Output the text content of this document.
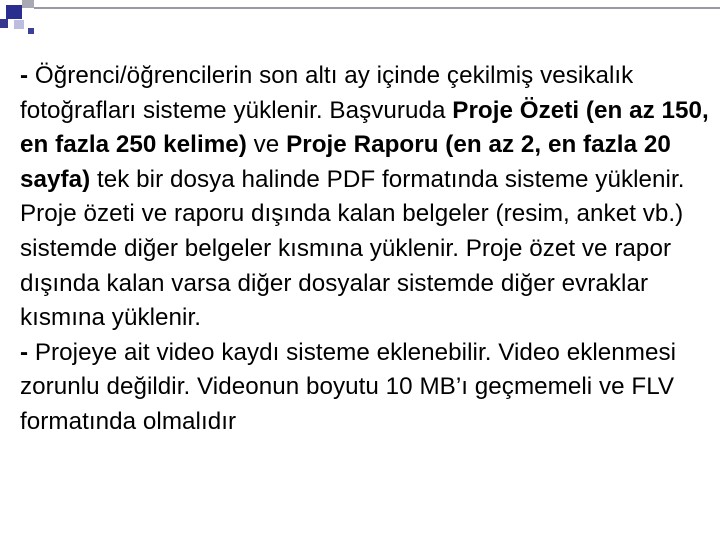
- Öğrenci/öğrencilerin son altı ay içinde çekilmiş vesikalık fotoğrafları sisteme yüklenir. Başvuruda Proje Özeti (en az 150, en fazla 250 kelime) ve Proje Raporu (en az 2, en fazla 20 sayfa) tek bir dosya halinde PDF formatında sisteme yüklenir. Proje özeti ve raporu dışında kalan belgeler (resim, anket vb.) sistemde diğer belgeler kısmına yüklenir. Proje özet ve rapor dışında kalan varsa diğer dosyalar sistemde diğer evraklar kısmına yüklenir.

- Projeye ait video kaydı sisteme eklenebilir. Video eklenmesi zorunlu değildir. Videonun boyutu 10 MB’ı geçmemeli ve FLV formatında olmalıdır
